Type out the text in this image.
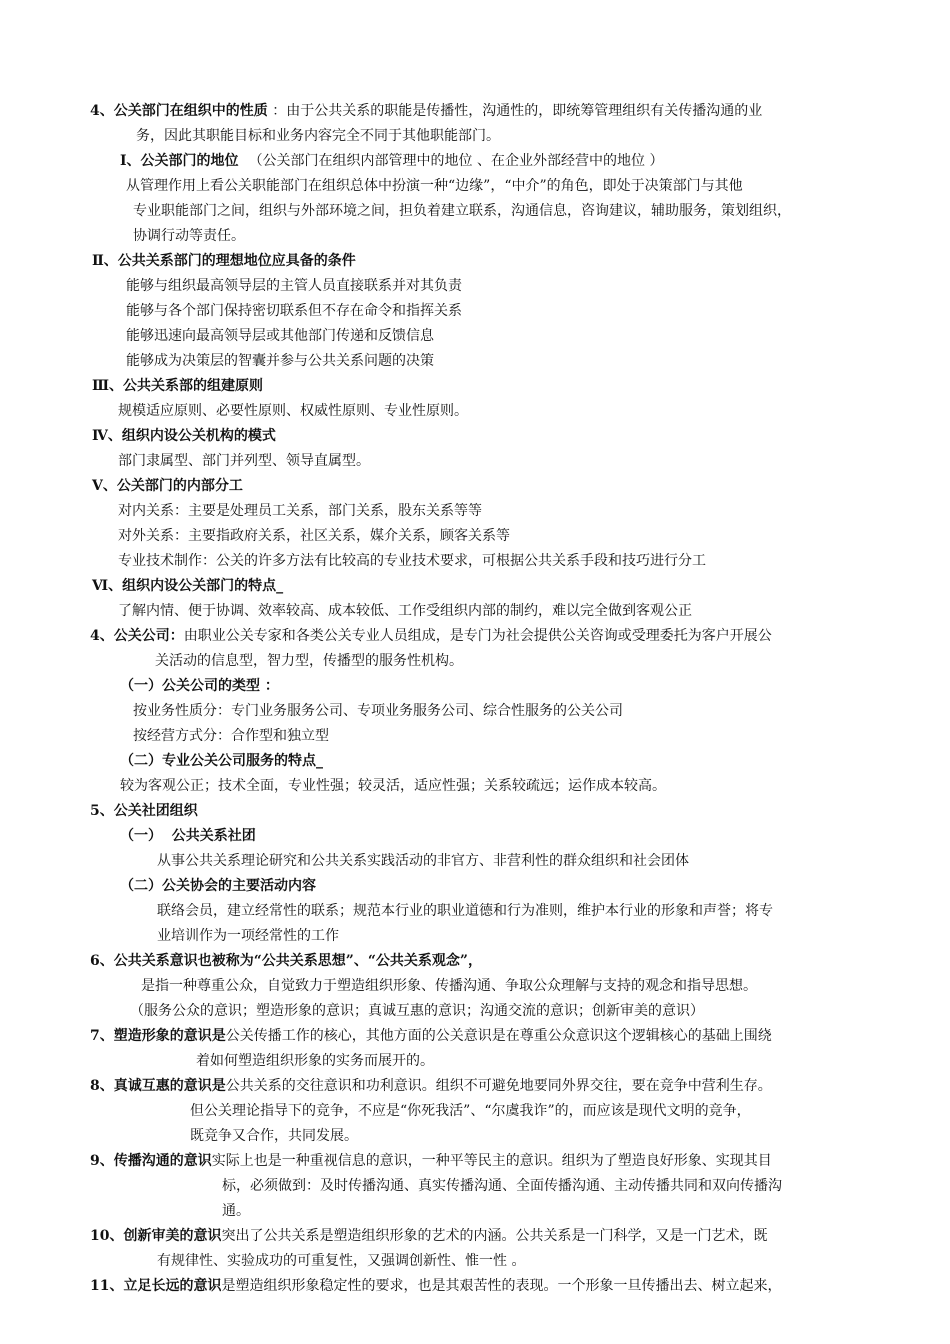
4、公关部门在组织中的性质 ：由于公共关系的职能是传播性，沟通性的，即统筹管理组织有关传播沟通的业
务，因此其职能目标和业务内容完全不同于其他职能部门。
Ⅰ、公关部门的地位 （公关部门在组织内部管理中的地位 、在企业外部经营中的地位 ）
从管理作用上看公关职能部门在组织总体中扮演一种“边缘”，“中介”的角色，即处于决策部门与其他
专业职能部门之间，组织与外部环境之间，担负着建立联系，沟通信息，咨询建议，辅助服务，策划组织，
协调行动等责任。
Ⅱ、公共关系部门的理想地位应具备的条件
能够与组织最高领导层的主管人员直接联系并对其负责
能够与各个部门保持密切联系但不存在命令和指挥关系
能够迅速向最高领导层或其他部门传递和反馈信息
能够成为决策层的智囊并参与公共关系问题的决策
Ⅲ、公共关系部的组建原则
规模适应原则、必要性原则、权威性原则、专业性原则。
Ⅳ、组织内设公关机构的模式
部门隶属型、部门并列型、领导直属型。
Ⅴ、公关部门的内部分工
对内关系：主要是处理员工关系，部门关系，股东关系等等
对外关系：主要指政府关系，社区关系，媒介关系，顾客关系等
专业技术制作：公关的许多方法有比较高的专业技术要求，可根据公共关系手段和技巧进行分工
Ⅵ、组织内设公关部门的特点_
了解内情、便于协调、效率较高、成本较低、工作受组织内部的制约，难以完全做到客观公正
4、公关公司：由职业公关专家和各类公关专业人员组成，是专门为社会提供公关咨询或受理委托为客户开展公
关活动的信息型，智力型，传播型的服务性机构。
（一）公关公司的类型 ：
按业务性质分：专门业务服务公司、专项业务服务公司、综合性服务的公关公司
按经营方式分：合作型和独立型
（二）专业公关公司服务的特点_
较为客观公正；技术全面，专业性强；较灵活，适应性强；关系较疏远；运作成本较高。
5、公关社团组织
（一）  公共关系社团
从事公共关系理论研究和公共关系实践活动的非官方、非营利性的群众组织和社会团体
（二）公关协会的主要活动内容
联络会员，建立经常性的联系；规范本行业的职业道德和行为准则，维护本行业的形象和声誉；将专
业培训作为一项经常性的工作
6、公共关系意识也被称为“公共关系思想”、“公共关系观念”，
是指一种尊重公众，自觉致力于塑造组织形象、传播沟通、争取公众理解与支持的观念和指导思想。
（服务公众的意识；塑造形象的意识；真诚互惠的意识；沟通交流的意识；创新审美的意识）
7、塑造形象的意识是公关传播工作的核心，其他方面的公关意识是在尊重公众意识这个逻辑核心的基础上围绕
着如何塑造组织形象的实务而展开的。
8、真诚互惠的意识是公共关系的交往意识和功利意识。组织不可避免地要同外界交往，要在竞争中营利生存。
但公关理论指导下的竞争，不应是“你死我活”、“尔虞我诈”的，而应该是现代文明的竞争，
既竞争又合作，共同发展。
9、传播沟通的意识实际上也是一种重视信息的意识，一种平等民主的意识。组织为了塑造良好形象、实现其目
标，必须做到：及时传播沟通、真实传播沟通、全面传播沟通、主动传播共同和双向传播沟
通。
10、创新审美的意识突出了公共关系是塑造组织形象的艺术的内涵。公共关系是一门科学，又是一门艺术，既
有规律性、实验成功的可重复性，又强调创新性、惟一性 。
11、立足长远的意识是塑造组织形象稳定性的要求，也是其艰苦性的表现。一个形象一旦传播出去、树立起来，
